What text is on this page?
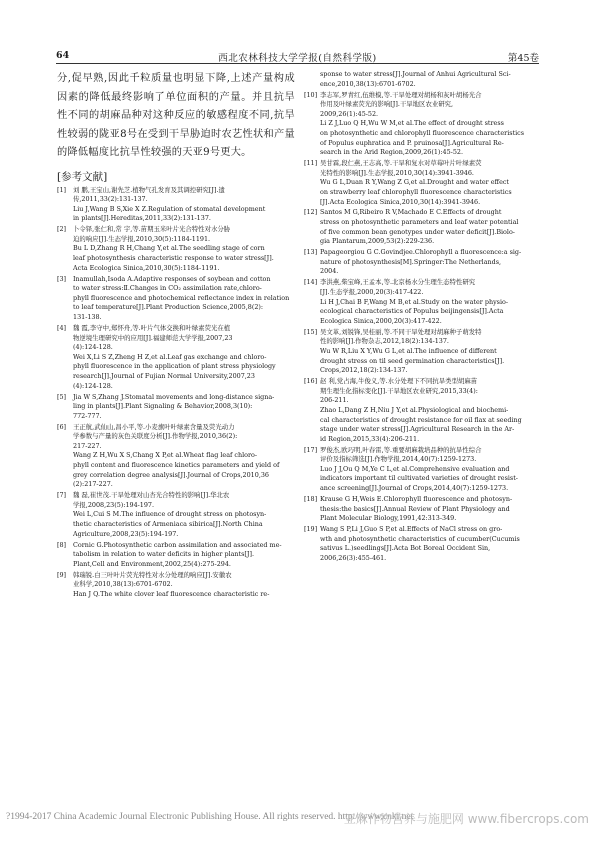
64	西北农林科技大学学报(自然科学版)	第45卷

分,促早熟,因此千粒质量也明显下降,上述产量构成因素的降低最终影响了单位面积的产量。并且抗旱性不同的胡麻品种对这种反应的敏感程度不同,抗旱性较弱的陇亚8号在受到干旱胁迫时农艺性状和产量的降低幅度比抗旱性较强的天亚9号更大。

[参考文献]
[1] 刘 鹏,王宝山,谢先芝.植物气孔发育及其调控研究[J].遗
传,2011,33(2):131-137.
Liu J,Wang B S,Xie X Z.Regulation of stomatal development
in plants[J].Hereditas,2011,33(2):131-137.
[2] 卜令铎,张仁和,常 宇,等.苗期玉米叶片光合特性对水分胁
迫的响应[J].生态学报,2010,30(5):1184-1191.
Bu L D,Zhang R H,Chang Y,et al.The seedling stage of corn
leaf photosynthesis characteristic response to water stress[J].
Acta Ecologica Sinica,2010,30(5):1184-1191.
[3] Inamullah,Isoda A.Adaptive responses of soybean and cotton
to water stress:Ⅱ.Changes in CO₂ assimilation rate,chloro-
phyll fluorescence and photochemical reflectance index in relation
to leaf temperature[J].Plant Production Science,2005,8(2):
131-138.
[4] 魏 霞,李守中,郑怀舟,等.叶片气体交换和叶绿素荧光在植
物逆境生理研究中的应用[J].福建师范大学学报,2007,23
(4):124-128.
Wei X,Li S Z,Zheng H Z,et al.Leaf gas exchange and chloro-
phyll fluorescence in the application of plant stress physiology
research[J].Journal of Fujian Normal University,2007,23
(4):124-128.
[5] Jia W S,Zhang J.Stomatal movements and long-distance signa-
ling in plants[J].Plant Signaling & Behavior,2008,3(10):
772-777.
[6] 王正航,武仙山,昌小平,等.小麦旗叶叶绿素含量及荧光动力
学参数与产量的灰色关联度分析[J].作物学报,2010,36(2):
217-227.
Wang Z H,Wu X S,Chang X P,et al.Wheat flag leaf chloro-
phyll content and fluorescence kinetics parameters and yield of
grey correlation degree analysis[J].Journal of Crops,2010,36
(2):217-227.
[7] 魏 磊,崔世茂.干旱处理对山杏光合特性的影响[J].华北农
学报,2008,23(5):194-197.
Wei L,Cui S M.The influence of drought stress on photosyn-
thetic characteristics of Armeniaca sibirica[J].North China
Agriculture,2008,23(5):194-197.
[8] Cornic G.Photosynthetic carbon assimilation and associated me-
tabolism in relation to water deficits in higher plants[J].
Plant,Cell and Environment,2002,25(4):275-294.
[9] 韩瑞锐.白三叶叶片荧光特性对水分处理的响应[J].安徽农
业科学,2010,38(13):6701-6702.
Han J Q.The white clover leaf fluorescence characteristic re-
sponse to water stress[J].Journal of Anhui Agricultural Sci-
ence,2010,38(13):6701-6702.
[10] 李志军,罗青红,伍维模,等.干旱处理对胡杨和灰叶胡杨光合
作用及叶绿素荧光的影响[J].干旱地区农业研究,
2009,26(1):45-52.
Li Z J,Luo Q H,Wu W M,et al.The effect of drought stress
on photosynthetic and chlorophyll fluorescence characteristics
of Populus euphratica and P. pruinosa[J].Agricultural Re-
search in the Arid Region,2009,26(1):45-52.
[11] 吴甘霖,段仁燕,王志高,等.干旱和复水对草莓叶片叶绿素荧
光特性的影响[J].生态学报,2010,30(14):3941-3946.
Wu G L,Duan R Y,Wang Z G,et al.Drought and water effect
on strawberry leaf chlorophyll fluorescence characteristics
[J].Acta Ecologica Sinica,2010,30(14):3941-3946.
[12] Santos M G,Ribeiro R V,Machado E C.Effects of drought
stress on photosynthetic parameters and leaf water potential
of five common bean genotypes under water deficit[J].Biolo-
gia Plantarum,2009,53(2):229-236.
[13] Papageorgiou G C.Govindjee.Chlorophyll a fluorescence:a sig-
nature of photosynthesis[M].Springer:The Netherlands,
2004.
[14] 李洪燕,柴宝峰,王孟本,等.北京杨水分生理生态特性研究
[J].生态学报,2000,20(3):417-422.
Li H J,Chai B F,Wang M B,et al.Study on the water physio-
ecological characteristics of Populus beijingensis[J].Acta
Ecologica Sinica,2000,20(3):417-422.
[15] 吴文革,刘锐锋,吴桂丽,等.不同干旱处理对胡麻种子萌发特
性的影响[J].作物杂志,2012,18(2):134-137.
Wu W R,Liu X Y,Wu G L,et al.The influence of different
drought stress on til seed germination characteristics[J].
Crops,2012,18(2):134-137.
[16] 赵 利,党占海,牛俊义,等.水分处理下不同抗旱类型胡麻苗
期生理生化指标变化[J].干旱地区农业研究,2015,33(4):
206-211.
Zhao L,Dang Z H,Niu J Y,et al.Physiological and biochemi-
cal characteristics of drought resistance for oil flax at seeding
stage under water stress[J].Agricultural Research in the Ar-
id Region,2015,33(4):206-211.
[17] 罗俊杰,欧巧明,叶春雷,等.重要胡麻栽培品种的抗旱性综合
评价及指标筛选[J].作物学报,2014,40(7):1259-1273.
Luo J J,Ou Q M,Ye C L,et al.Comprehensive evaluation and
indicators important til cultivated varieties of drought resist-
ance screening[J].Journal of Crops,2014,40(7):1259-1273.
[18] Krause G H,Weis E.Chlorophyll fluorescence and photosyn-
thesis:the basics[J].Annual Review of Plant Physiology and
Plant Molecular Biology,1991,42:313-349.
[19] Wang S P,Li J,Guo S P,et al.Effects of NaCl stress on gro-
wth and photosynthetic characteristics of cucumber(Cucumis
sativus L.)seedlings[J].Acta Bot Boreal Occident Sin,
2006,26(3):455-461.
?1994-2017 China Academic Journal Electronic Publishing House. All rights reserved. http://www.cnki.net
亚麻作物营养与施肥网 www.fibercrops.com
